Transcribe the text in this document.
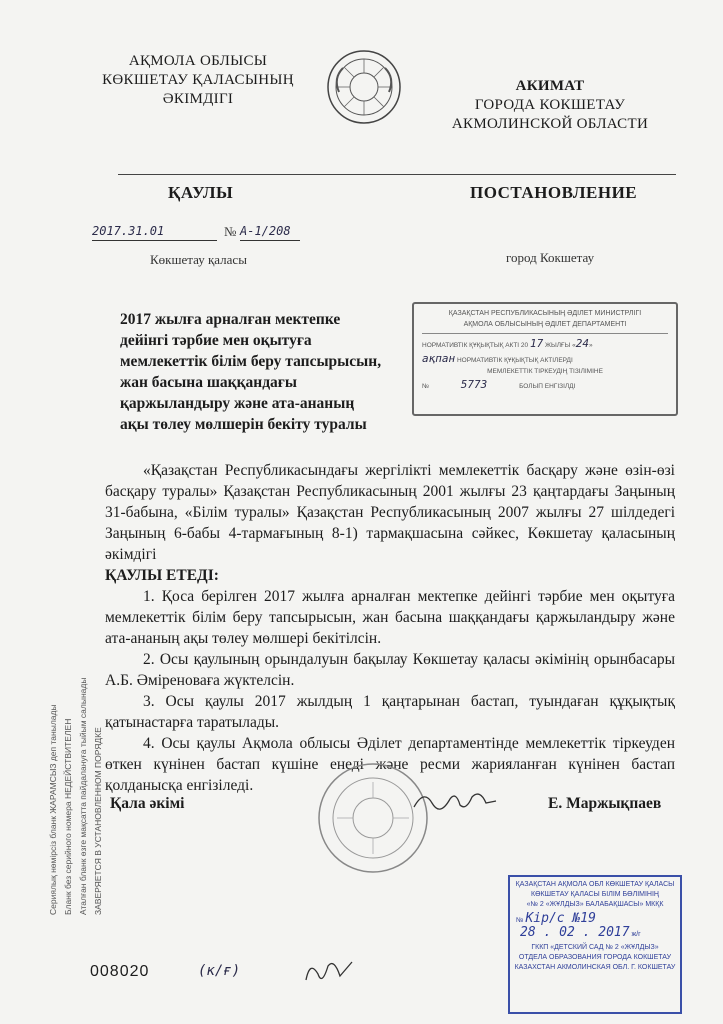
АҚМОЛА ОБЛЫСЫ
КӨКШЕТАУ ҚАЛАСЫНЫҢ
ӘКІМДІГІ
АКИМАТ
ГОРОДА КОКШЕТАУ
АКМОЛИНСКОЙ ОБЛАСТИ
ҚАУЛЫ	ПОСТАНОВЛЕНИЕ
2017.31.01	№ А-1/208
Көкшетау қаласы	город Кокшетау
2017 жылға арналған мектепке
дейінгі тәрбие мен оқытуға
мемлекеттік білім беру тапсырысын,
жан басына шаққандағы
қаржыландыру және ата-ананың
ақы төлеу мөлшерін бекіту туралы
ҚАЗАҚСТАН РЕСПУБЛИКАСЫНЫҢ ӘДІЛЕТ МИНИСТРЛІГІ
АҚМОЛА ОБЛЫСЫНЫҢ ӘДІЛЕТ ДЕПАРТАМЕНТІ
НОРМАТИВТІК ҚҰҚЫҚТЫҚ АКТІ 20 17 ЖЫЛҒЫ «24»
ақпан НОРМАТИВТІК ҚҰҚЫҚТЫҚ АКТІЛЕРДІ
МЕМЛЕКЕТТІК ТІРКЕУДІҢ ТІЗІЛІМІНЕ
№	5773	БОЛЫП ЕНГІЗІЛДІ

«Қазақстан Республикасындағы жергілікті мемлекеттік басқару және өзін-өзі басқару туралы» Қазақстан Республикасының 2001 жылғы 23 қаңтардағы Заңының 31-бабына, «Білім туралы» Қазақстан Республикасының 2007 жылғы 27 шілдедегі Заңының 6-бабы 4-тармағының 8-1) тармақшасына сәйкес, Көкшетау қаласының әкімдігі

ҚАУЛЫ ЕТЕДІ:

1. Қоса берілген 2017 жылға арналған мектепке дейінгі тәрбие мен оқытуға мемлекеттік білім беру тапсырысын, жан басына шаққандағы қаржыландыру және ата-ананың ақы төлеу мөлшері бекітілсін.

2. Осы қаулының орындалуын бақылау Көкшетау қаласы әкімінің орынбасары А.Б. Әміреноваға жүктелсін.

3. Осы қаулы 2017 жылдың 1 қаңтарынан бастап, туындаған құқықтық қатынастарға таратылады.

4. Осы қаулы Ақмола облысы Әділет департаментінде мемлекеттік тіркеуден өткен күнінен бастап күшіне енеді және ресми жарияланған күнінен бастап қолданысқа енгізіледі.

Қала әкімі	Е. Маржықпаев
ҚАЗАҚСТАН АҚМОЛА ОБЛ КӨКШЕТАУ ҚАЛАСЫ
КӨКШЕТАУ ҚАЛАСЫ БІЛІМ БӨЛІМІНІҢ
«№ 2 «ЖҰЛДЫЗ» БАЛАБАҚШАСЫ» МКҚК
№ Кір/с №19
28 . 02 . 2017 ж/г
ГККП «ДЕТСКИЙ САД № 2 «ЖҰЛДЫЗ»
ОТДЕЛА ОБРАЗОВАНИЯ ГОРОДА КОКШЕТАУ
КАЗАХСТАН АКМОЛИНСКАЯ ОБЛ. Г. КОКШЕТАУ
008020	(к/ғ)
Сериялық нөмірсіз бланк ЖАРАМСЫЗ деп танылады Бланк без серийного номера НЕДЕЙСТВИТЕЛЕН Аталған бланк өзге мақсатта пайдалануға тыйым салынады ЗАВЕРЯЕТСЯ В УСТАНОВЛЕННОМ ПОРЯДКЕ
